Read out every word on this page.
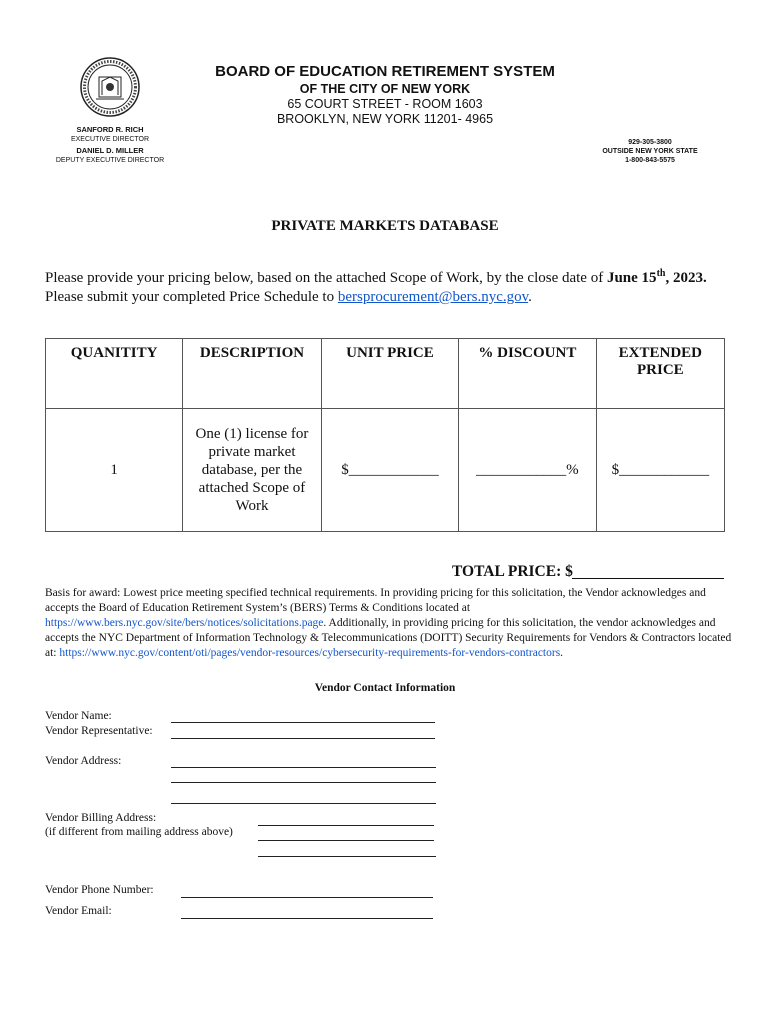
BOARD OF EDUCATION RETIREMENT SYSTEM
OF THE CITY OF NEW YORK
65 COURT STREET - ROOM 1603
BROOKLYN, NEW YORK 11201- 4965
SANFORD R. RICH
EXECUTIVE DIRECTOR
DANIEL D. MILLER
DEPUTY EXECUTIVE DIRECTOR
929-305-3800
OUTSIDE NEW YORK STATE
1-800-843-5575
PRIVATE MARKETS DATABASE
Please provide your pricing below, based on the attached Scope of Work, by the close date of June 15th, 2023.
Please submit your completed Price Schedule to bersprocurement@bers.nyc.gov.
QUANITITY	DESCRIPTION	UNIT PRICE	% DISCOUNT	EXTENDED PRICE
1	One (1) license for private market database, per the attached Scope of Work	$____________	____________%	$____________
TOTAL PRICE: $
Basis for award: Lowest price meeting specified technical requirements. In providing pricing for this solicitation, the Vendor acknowledges and accepts the Board of Education Retirement System’s (BERS) Terms & Conditions located at https://www.bers.nyc.gov/site/bers/notices/solicitations.page. Additionally, in providing pricing for this solicitation, the vendor acknowledges and accepts the NYC Department of Information Technology & Telecommunications (DOITT) Security Requirements for Vendors & Contractors located at: https://www.nyc.gov/content/oti/pages/vendor-resources/cybersecurity-requirements-for-vendors-contractors.
Vendor Contact Information
Vendor Name:
Vendor Representative:
Vendor Address:
Vendor Billing Address:
(if different from mailing address above)
Vendor Phone Number:
Vendor Email:
